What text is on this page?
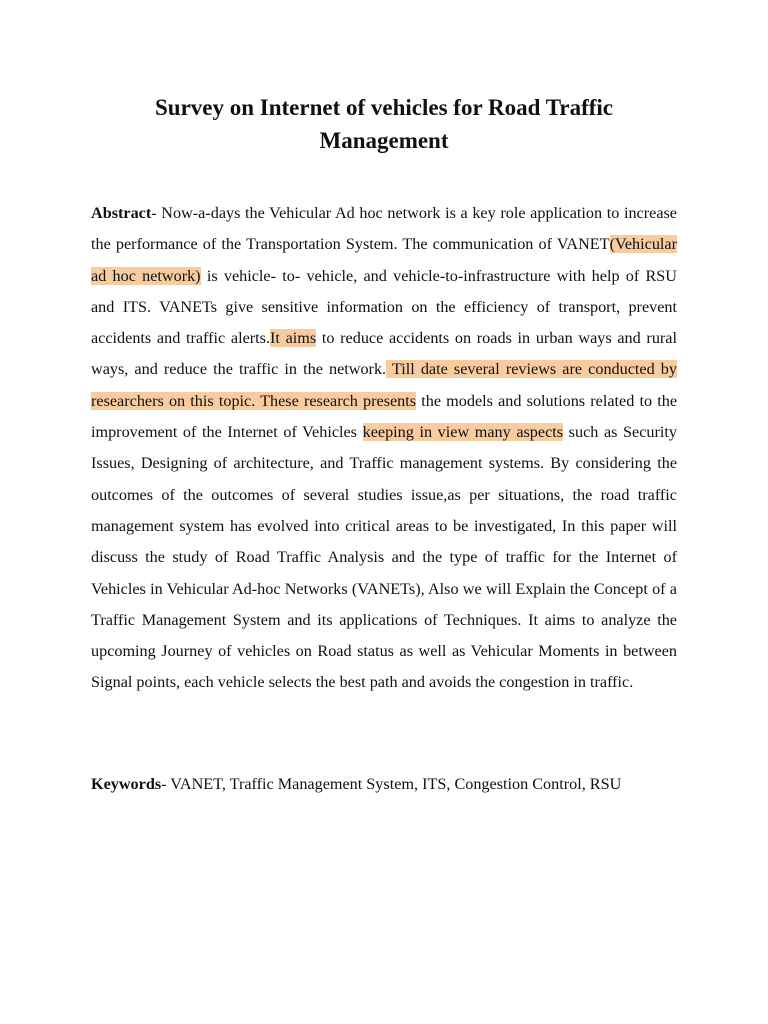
Survey on Internet of vehicles for Road Traffic
Management

Abstract- Now-a-days the Vehicular Ad hoc network is a key role application to increase the performance of the Transportation System. The communication of VANET(Vehicular ad hoc network) is vehicle- to- vehicle, and vehicle-to-infrastructure with help of RSU and ITS. VANETs give sensitive information on the efficiency of transport, prevent accidents and traffic alerts.It aims to reduce accidents on roads in urban ways and rural ways, and reduce the traffic in the network. Till date several reviews are conducted by researchers on this topic. These research presents the models and solutions related to the improvement of the Internet of Vehicles keeping in view many aspects such as Security Issues, Designing of architecture, and Traffic management systems. By considering the outcomes of the outcomes of several studies issue,as per situations, the road traffic management system has evolved into critical areas to be investigated, In this paper will discuss the study of Road Traffic Analysis and the type of traffic for the Internet of Vehicles in Vehicular Ad-hoc Networks (VANETs), Also we will Explain the Concept of a Traffic Management System and its applications of Techniques. It aims to analyze the upcoming Journey of vehicles on Road status as well as Vehicular Moments in between Signal points, each vehicle selects the best path and avoids the congestion in traffic.

Keywords- VANET, Traffic Management System, ITS, Congestion Control, RSU
